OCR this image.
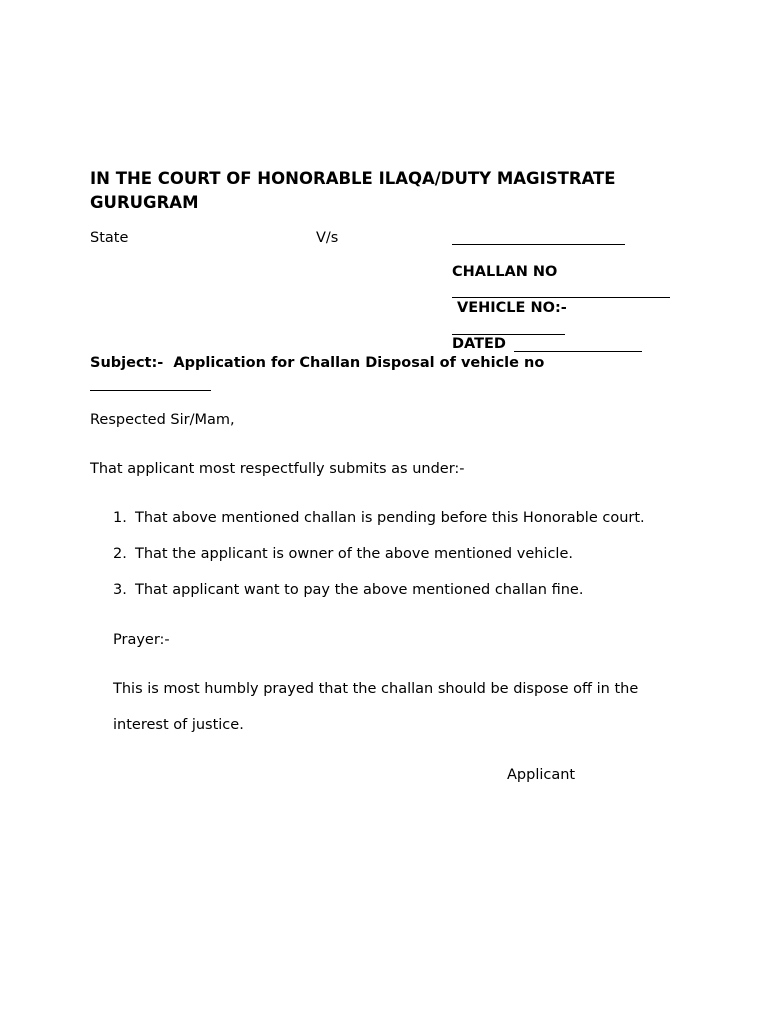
IN THE COURT OF HONORABLE ILAQA/DUTY MAGISTRATE
GURUGRAM
State	V/s
CHALLAN NO
VEHICLE NO:-
DATED
Subject:- Application for Challan Disposal of vehicle no
Respected Sir/Mam,
That applicant most respectfully submits as under:-
1. That above mentioned challan is pending before this Honorable court.
2. That the applicant is owner of the above mentioned vehicle.
3. That applicant want to pay the above mentioned challan fine.
Prayer:-
This is most humbly prayed that the challan should be dispose off in the
interest of justice.
Applicant
